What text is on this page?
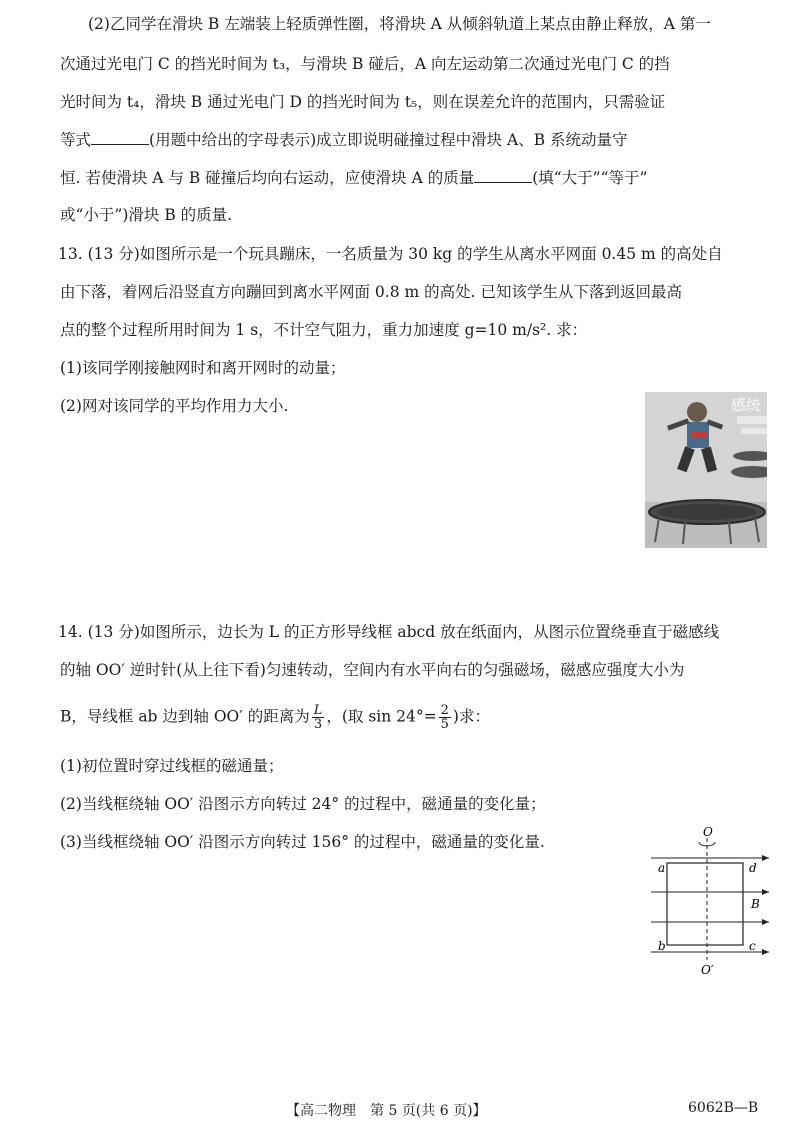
(2)乙同学在滑块 B 左端装上轻质弹性圈，将滑块 A 从倾斜轨道上某点由静止释放，A 第一
次通过光电门 C 的挡光时间为 t₃，与滑块 B 碰后，A 向左运动第二次通过光电门 C 的挡
光时间为 t₄，滑块 B 通过光电门 D 的挡光时间为 t₅，则在误差允许的范围内，只需验证
等式	(用题中给出的字母表示)成立即说明碰撞过程中滑块 A、B 系统动量守
恒. 若使滑块 A 与 B 碰撞后均向右运动，应使滑块 A 的质量	(填“大于”“等于”
或“小于”)滑块 B 的质量.
13. (13 分)如图所示是一个玩具蹦床，一名质量为 30 kg 的学生从离水平网面 0.45 m 的高处自
由下落，着网后沿竖直方向蹦回到离水平网面 0.8 m 的高处. 已知该学生从下落到返回最高
点的整个过程所用时间为 1 s，不计空气阻力，重力加速度 g=10 m/s². 求：
(1)该同学刚接触网时和离开网时的动量；
(2)网对该同学的平均作用力大小.	感统
14. (13 分)如图所示，边长为 L 的正方形导线框 abcd 放在纸面内，从图示位置绕垂直于磁感线
的轴 OO′ 逆时针(从上往下看)匀速转动，空间内有水平向右的匀强磁场，磁感应强度大小为
B，导线框 ab 边到轴 OO′ 的距离为 $\frac{L}{3}$ ，(取 $\sin 24^\circ= \frac{2}{5}$ )求：
(1)初位置时穿过线框的磁通量；
(2)当线框绕轴 OO′ 沿图示方向转过 24° 的过程中，磁通量的变化量；
(3)当线框绕轴 OO′ 沿图示方向转过 156° 的过程中，磁通量的变化量.
O
O′
a
b	c
d
B
【高二物理　第 5 页(共 6 页)】	6062B—B
